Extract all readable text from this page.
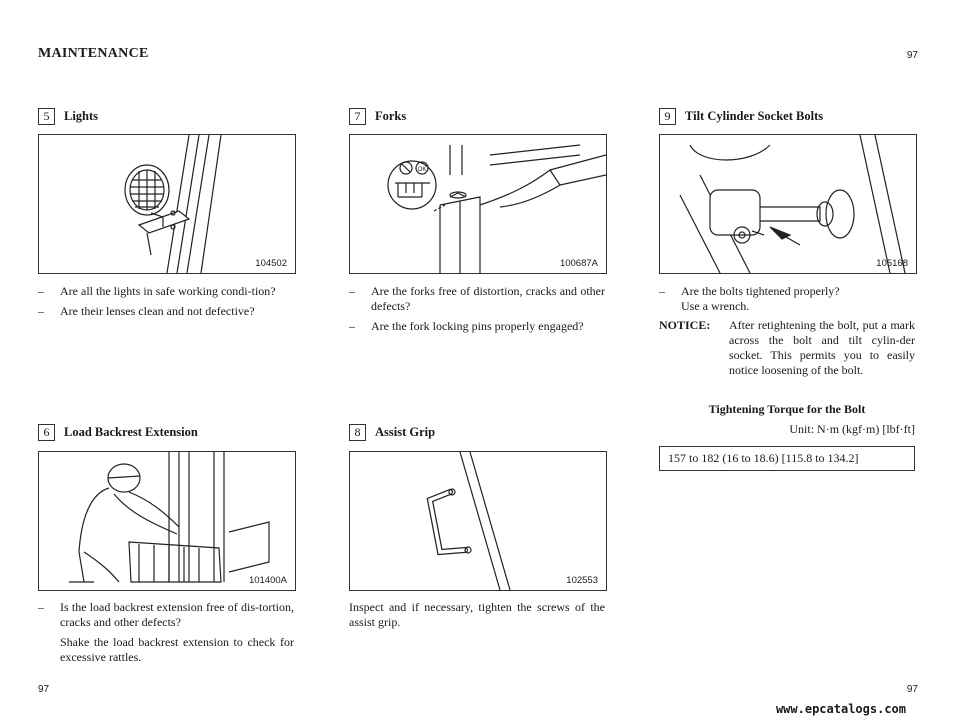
MAINTENANCE	97
5	Lights
104502
–	Are all the lights in safe working condi-tion?
–	Are their lenses clean and not defective?
6	Load Backrest Extension
101400A
–	Is the load backrest extension free of dis-tortion, cracks and other defects?
Shake the load backrest extension to check for excessive rattles.
7	Forks
OK
100687A
–	Are the forks free of distortion, cracks and other defects?
–	Are the fork locking pins properly engaged?
8	Assist Grip
102553
Inspect and if necessary, tighten the screws of the assist grip.
9	Tilt Cylinder Socket Bolts
105168
–	Are the bolts tightened properly?
Use a wrench.
NOTICE:	After retightening the bolt, put a mark across the bolt and tilt cylin-der socket. This permits you to easily notice loosening of the bolt.
Tightening Torque for the Bolt
Unit: N·m (kgf·m) [lbf·ft]
157 to 182 (16 to 18.6) [115.8 to 134.2]
97	97
www.epcatalogs.com
